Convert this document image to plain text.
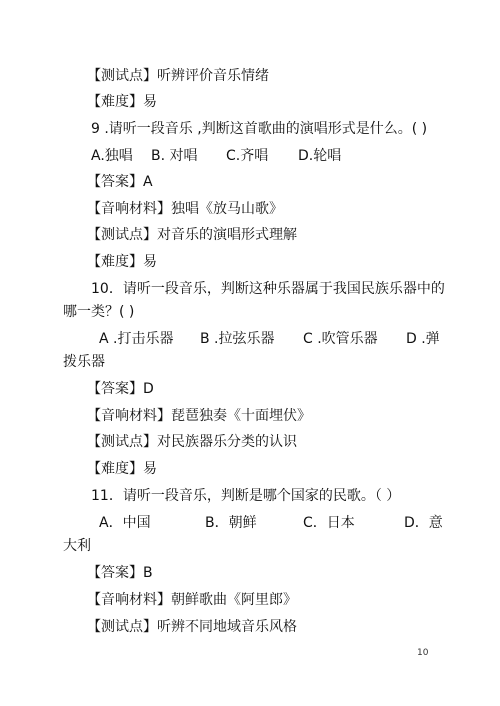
【测试点】听辨评价音乐情绪
【难度】易
9 .请听一段音乐 ,判断这首歌曲的演唱形式是什么。( )
A.独唱 B. 对唱 C.齐唱 D.轮唱
【答案】A
【音响材料】独唱《放马山歌》
【测试点】对音乐的演唱形式理解
【难度】易
10．请听一段音乐，判断这种乐器属于我国民族乐器中的
哪一类？( )
A .打击乐器 B .拉弦乐器 C .吹管乐器 D .弹
拨乐器
【答案】D
【音响材料】琵琶独奏《十面埋伏》
【测试点】对民族器乐分类的认识
【难度】易
11．请听一段音乐，判断是哪个国家的民歌。（ ）
A．中国	B．朝鲜	C．日本	D．意
大利
【答案】B
【音响材料】朝鲜歌曲《阿里郎》
【测试点】听辨不同地域音乐风格
10
